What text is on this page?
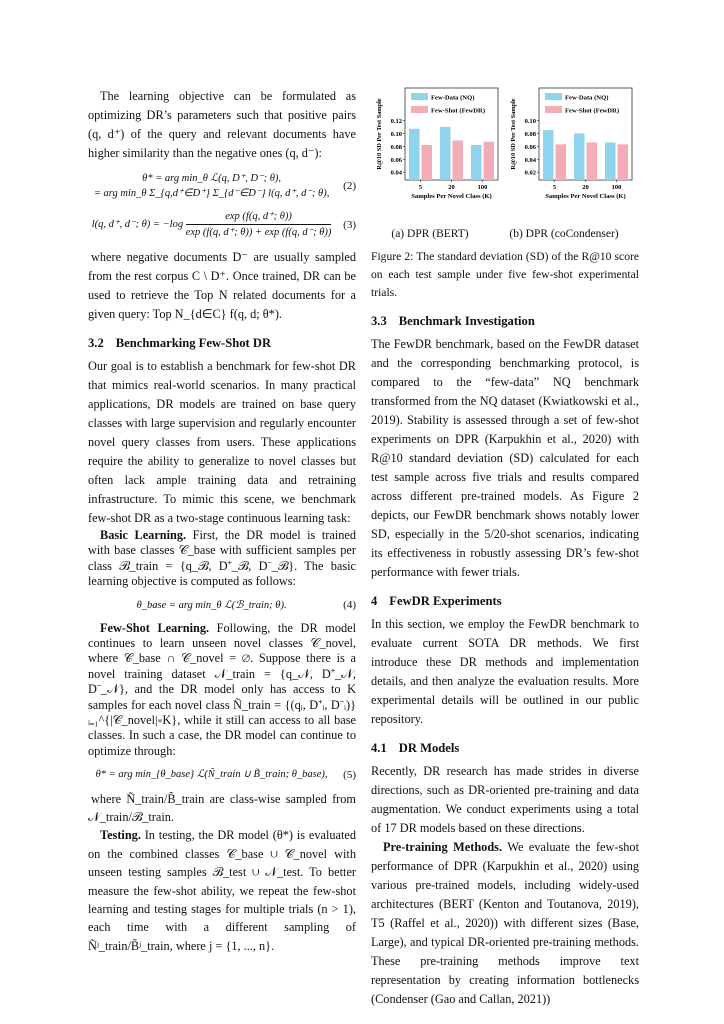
The learning objective can be formulated as optimizing DR’s parameters such that positive pairs (q, d⁺) of the query and relevant documents have higher similarity than the negative ones (q, d⁻):
θ* = arg min_θ ℒ(q, D⁺, D⁻; θ),
= arg min_θ Σ_{q,d⁺∈D⁺} Σ_{d⁻∈D⁻} l(q, d⁺, d⁻; θ),
(2)
l(q, d⁺, d⁻; $\theta) = -\log \frac{\exp (f(q, d^+; \theta))}{\exp (f(q, d^+; \theta)) + \exp (f(q, d^-; \theta))} (3)$
where negative documents D⁻ are usually sampled from the rest corpus C \ D⁺. Once trained, DR can be used to retrieve the Top N related documents for a given query: Top N_{d∈C} f(q, d; θ*).
3.2 Benchmarking Few-Shot DR
Our goal is to establish a benchmark for few-shot DR that mimics real-world scenarios. In many practical applications, DR models are trained on base query classes with large supervision and regularly encounter novel query classes from users. These applications require the ability to generalize to novel classes but often lack ample training data and retraining infrastructure. To mimic this scene, we benchmark few-shot DR as a two-stage continuous learning task:
Basic Learning. First, the DR model is trained with base classes 𝒞_base with sufficient samples per class ℬ_train = {q_ℬ, D⁺_ℬ, D⁻_ℬ}. The basic learning objective is computed as follows:
θ_base = arg min_θ ℒ(ℬ_train; θ).	(4)
Few-Shot Learning. Following, the DR model continues to learn unseen novel classes 𝒞_novel, where 𝒞_base ∩ 𝒞_novel = ∅. Suppose there is a novel training dataset 𝒩_train = {q_𝒩, D⁺_𝒩, D⁻_𝒩}, and the DR model only has access to K samples for each novel class Ñ_train = {(qᵢ, D⁺ᵢ, D⁻ᵢ)}ᵢ₌₁^{|𝒞_novel|∗K}, while it still can access to all base classes. In such a case, the DR model can continue to optimize through:
θ* = arg min_{θ_base} ℒ(Ñ_train ∪ B̃_train; θ_base),	(5)
where Ñ_train/B̃_train are class-wise sampled from 𝒩_train/ℬ_train.
Testing. In testing, the DR model (θ*) is evaluated on the combined classes 𝒞_base ∪ 𝒞_novel with unseen testing samples ℬ_test ∪ 𝒩_test. To better measure the few-shot ability, we repeat the few-shot learning and testing stages for multiple trials (n > 1), each time with a different sampling of Ñʲ_train/B̃ʲ_train, where j = {1, ..., n}.
0.04
0.06
0.08
0.10
0.12
5	20	100
Samples Per Novel Class (K)
R@10 SD Per Test Sample
Few-Data (NQ)
Few-Shot (FewDR)
0.02
0.04
0.06
0.08
0.10
5	20	100
Samples Per Novel Class (K)
R@10 SD Per Test Sample
Few-Data (NQ)
Few-Shot (FewDR)
(a) DPR (BERT)	(b) DPR (coCondenser)
Figure 2: The standard deviation (SD) of the R@10 score on each test sample under five few-shot experimental trials.
3.3 Benchmark Investigation
The FewDR benchmark, based on the FewDR dataset and the corresponding benchmarking protocol, is compared to the “few-data” NQ benchmark transformed from the NQ dataset (Kwiatkowski et al., 2019). Stability is assessed through a set of few-shot experiments on DPR (Karpukhin et al., 2020) with R@10 standard deviation (SD) calculated for each test sample across five trials and results compared across different pre-trained models. As Figure 2 depicts, our FewDR benchmark shows notably lower SD, especially in the 5/20-shot scenarios, indicating its effectiveness in robustly assessing DR’s few-shot performance with fewer trials.
4 FewDR Experiments
In this section, we employ the FewDR benchmark to evaluate current SOTA DR methods. We first introduce these DR methods and implementation details, and then analyze the evaluation results. More experimental details will be outlined in our public repository.
4.1 DR Models
Recently, DR research has made strides in diverse directions, such as DR-oriented pre-training and data augmentation. We conduct experiments using a total of 17 DR models based on these directions.
Pre-training Methods. We evaluate the few-shot performance of DPR (Karpukhin et al., 2020) using various pre-trained models, including widely-used architectures (BERT (Kenton and Toutanova, 2019), T5 (Raffel et al., 2020)) with different sizes (Base, Large), and typical DR-oriented pre-training methods. These pre-training methods improve text representation by creating information bottlenecks (Condenser (Gao and Callan, 2021))
